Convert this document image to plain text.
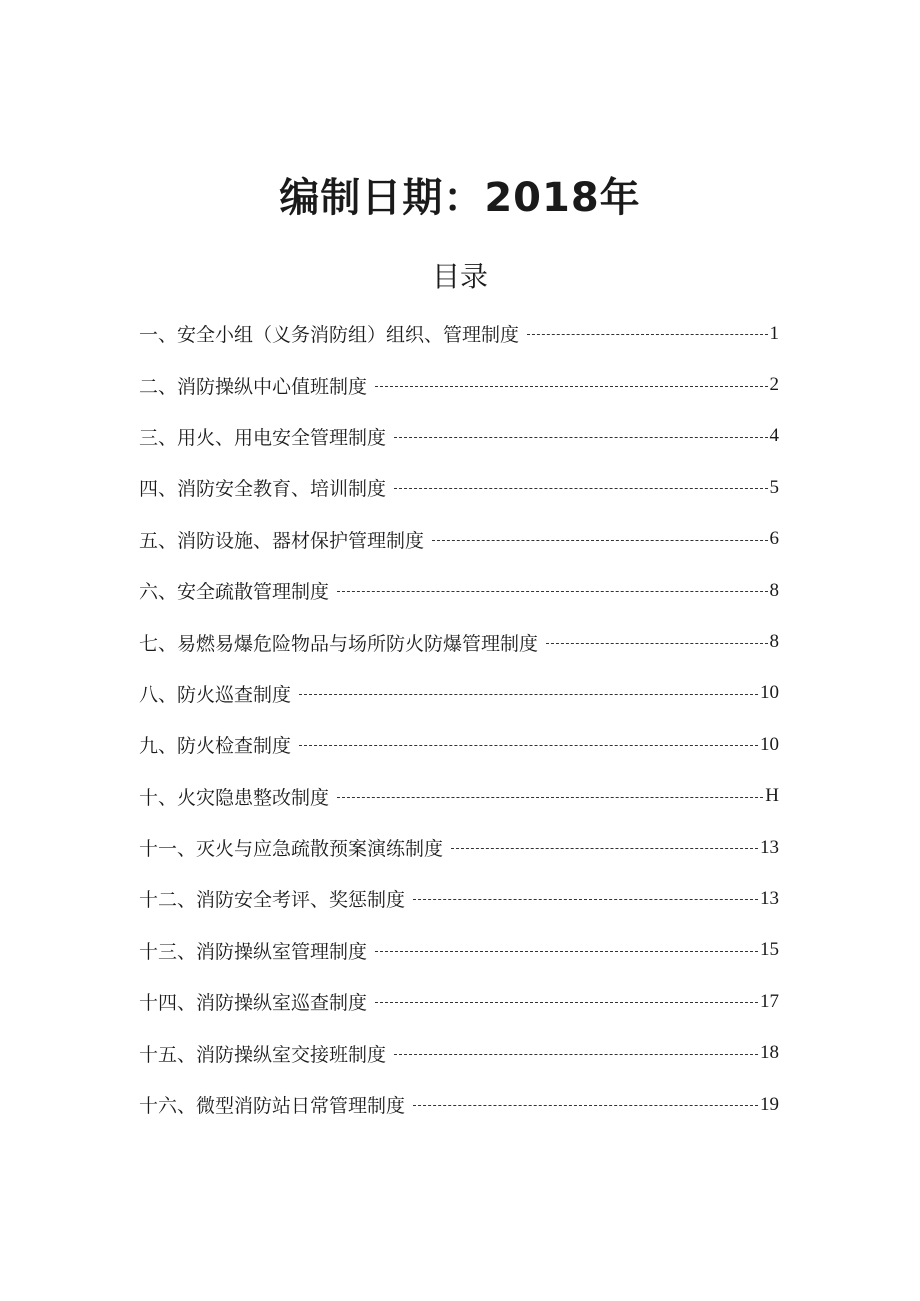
编制日期：2018年
目录
一、安全小组（义务消防组）组织、管理制度	1
二、消防操纵中心值班制度	2
三、用火、用电安全管理制度	4
四、消防安全教育、培训制度	5
五、消防设施、器材保护管理制度	6
六、安全疏散管理制度	8
七、易燃易爆危险物品与场所防火防爆管理制度	8
八、防火巡查制度	10
九、防火检查制度	10
十、火灾隐患整改制度	H
十一、灭火与应急疏散预案演练制度	13
十二、消防安全考评、奖惩制度	13
十三、消防操纵室管理制度	15
十四、消防操纵室巡查制度	17
十五、消防操纵室交接班制度	18
十六、微型消防站日常管理制度	19
